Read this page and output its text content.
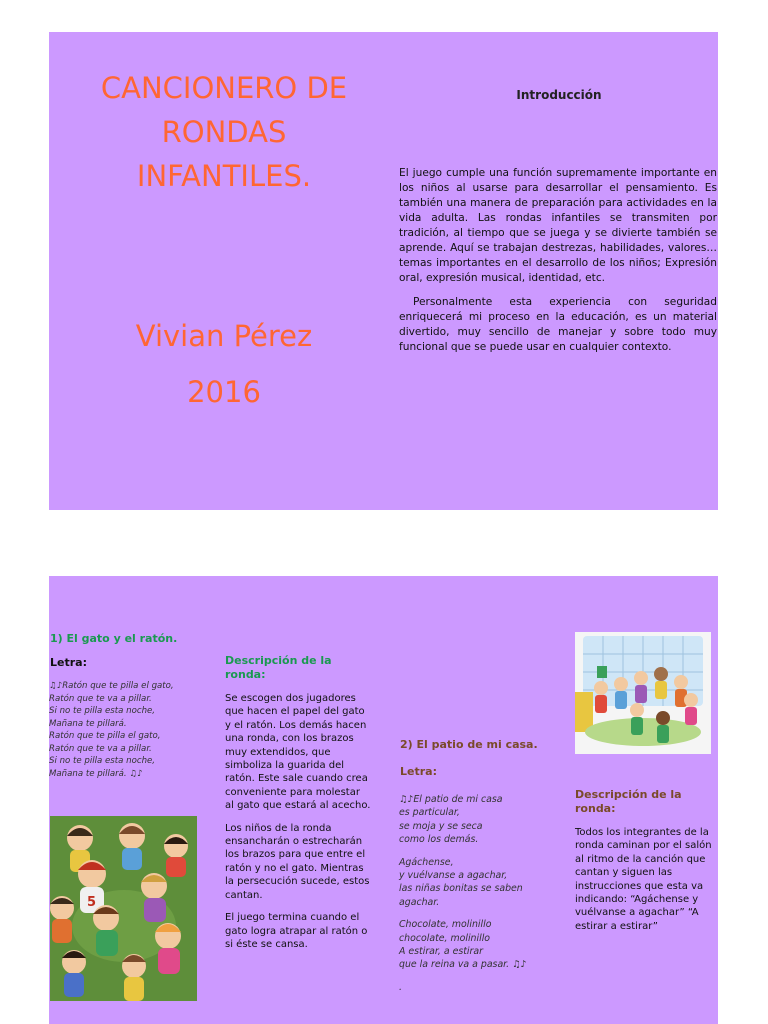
CANCIONERO DE
RONDAS
INFANTILES.
Vivian Pérez
2016
Introducción

El juego cumple una función supremamente importante en los niños al usarse para desarrollar el pensamiento. Es también una manera de preparación para actividades en la vida adulta. Las rondas infantiles se transmiten por tradición, al tiempo que se juega y se divierte también se aprende. Aquí se trabajan destrezas, habilidades, valores… temas importantes en el desarrollo de los niños; Expresión oral, expresión musical, identidad, etc.

Personalmente esta experiencia con seguridad enriquecerá mi proceso en la educación, es un material divertido, muy sencillo de manejar y sobre todo muy funcional que se puede usar en cualquier contexto.

1) El gato y el ratón.
Letra:
♫♪Ratón que te pilla el gato,
Ratón que te va a pillar.
Si no te pilla esta noche,
Mañana te pillará.
Ratón que te pilla el gato,
Ratón que te va a pillar.
Si no te pilla esta noche,
Mañana te pillará. ♫♪
5
Descripción de la ronda:

Se escogen dos jugadores que hacen el papel del gato y el ratón. Los demás hacen una ronda, con los brazos muy extendidos, que simboliza la guarida del ratón. Este sale cuando crea conveniente para molestar al gato que estará al acecho.

Los niños de la ronda ensancharán o estrecharán los brazos para que entre el ratón y no el gato. Mientras la persecución sucede, estos cantan.

El juego termina cuando el gato logra atrapar al ratón o si éste se cansa.

2) El patio de mi casa.
Letra:
♫♪El patio de mi casa
es particular,
se moja y se seca
como los demás.
Agáchense,
y vuélvanse a agachar,
las niñas bonitas se saben
agachar.
Chocolate, molinillo
chocolate, molinillo
A estirar, a estirar
que la reina va a pasar. ♫♪
.
Descripción de la ronda:

Todos los integrantes de la ronda caminan por el salón al ritmo de la canción que cantan y siguen las instrucciones que esta va indicando: “Agáchense y vuélvanse a agachar” “A estirar a estirar”
